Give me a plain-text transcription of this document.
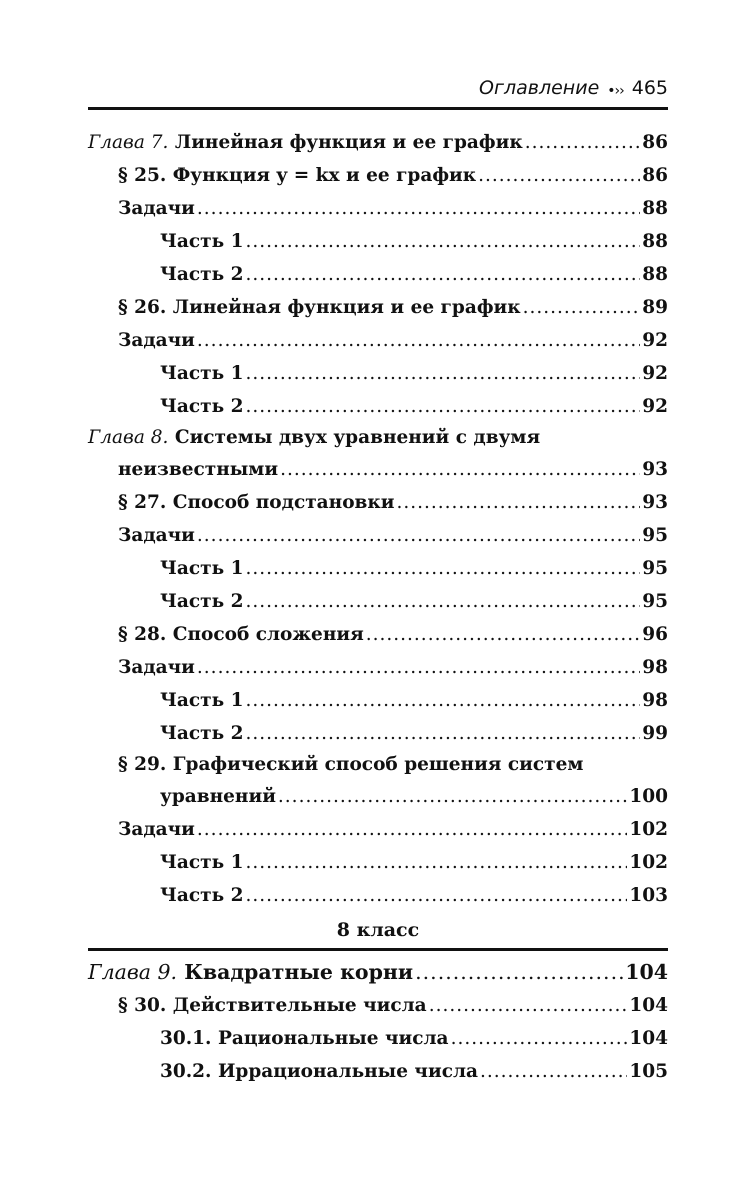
Оглавление •›› 465
Глава 7. Линейная функция и ее график .....	86
§ 25. Функция y = kx и ее график .....	86
Задачи .....	88
Часть 1 .....	88
Часть 2 .....	88
§ 26. Линейная функция и ее график .....	89
Задачи .....	92
Часть 1 .....	92
Часть 2 .....	92
Глава 8. Системы двух уравнений с двумя
неизвестными .....	93
§ 27. Способ подстановки .....	93
Задачи .....	95
Часть 1 .....	95
Часть 2 .....	95
§ 28. Способ сложения .....	96
Задачи .....	98
Часть 1 .....	98
Часть 2 .....	99
§ 29. Графический способ решения систем
уравнений .....	100
Задачи .....	102
Часть 1 .....	102
Часть 2 .....	103
8 класс
Глава 9. Квадратные корни .....	104
§ 30. Действительные числа .....	104
30.1. Рациональные числа .....	104
30.2. Иррациональные числа .....	105
